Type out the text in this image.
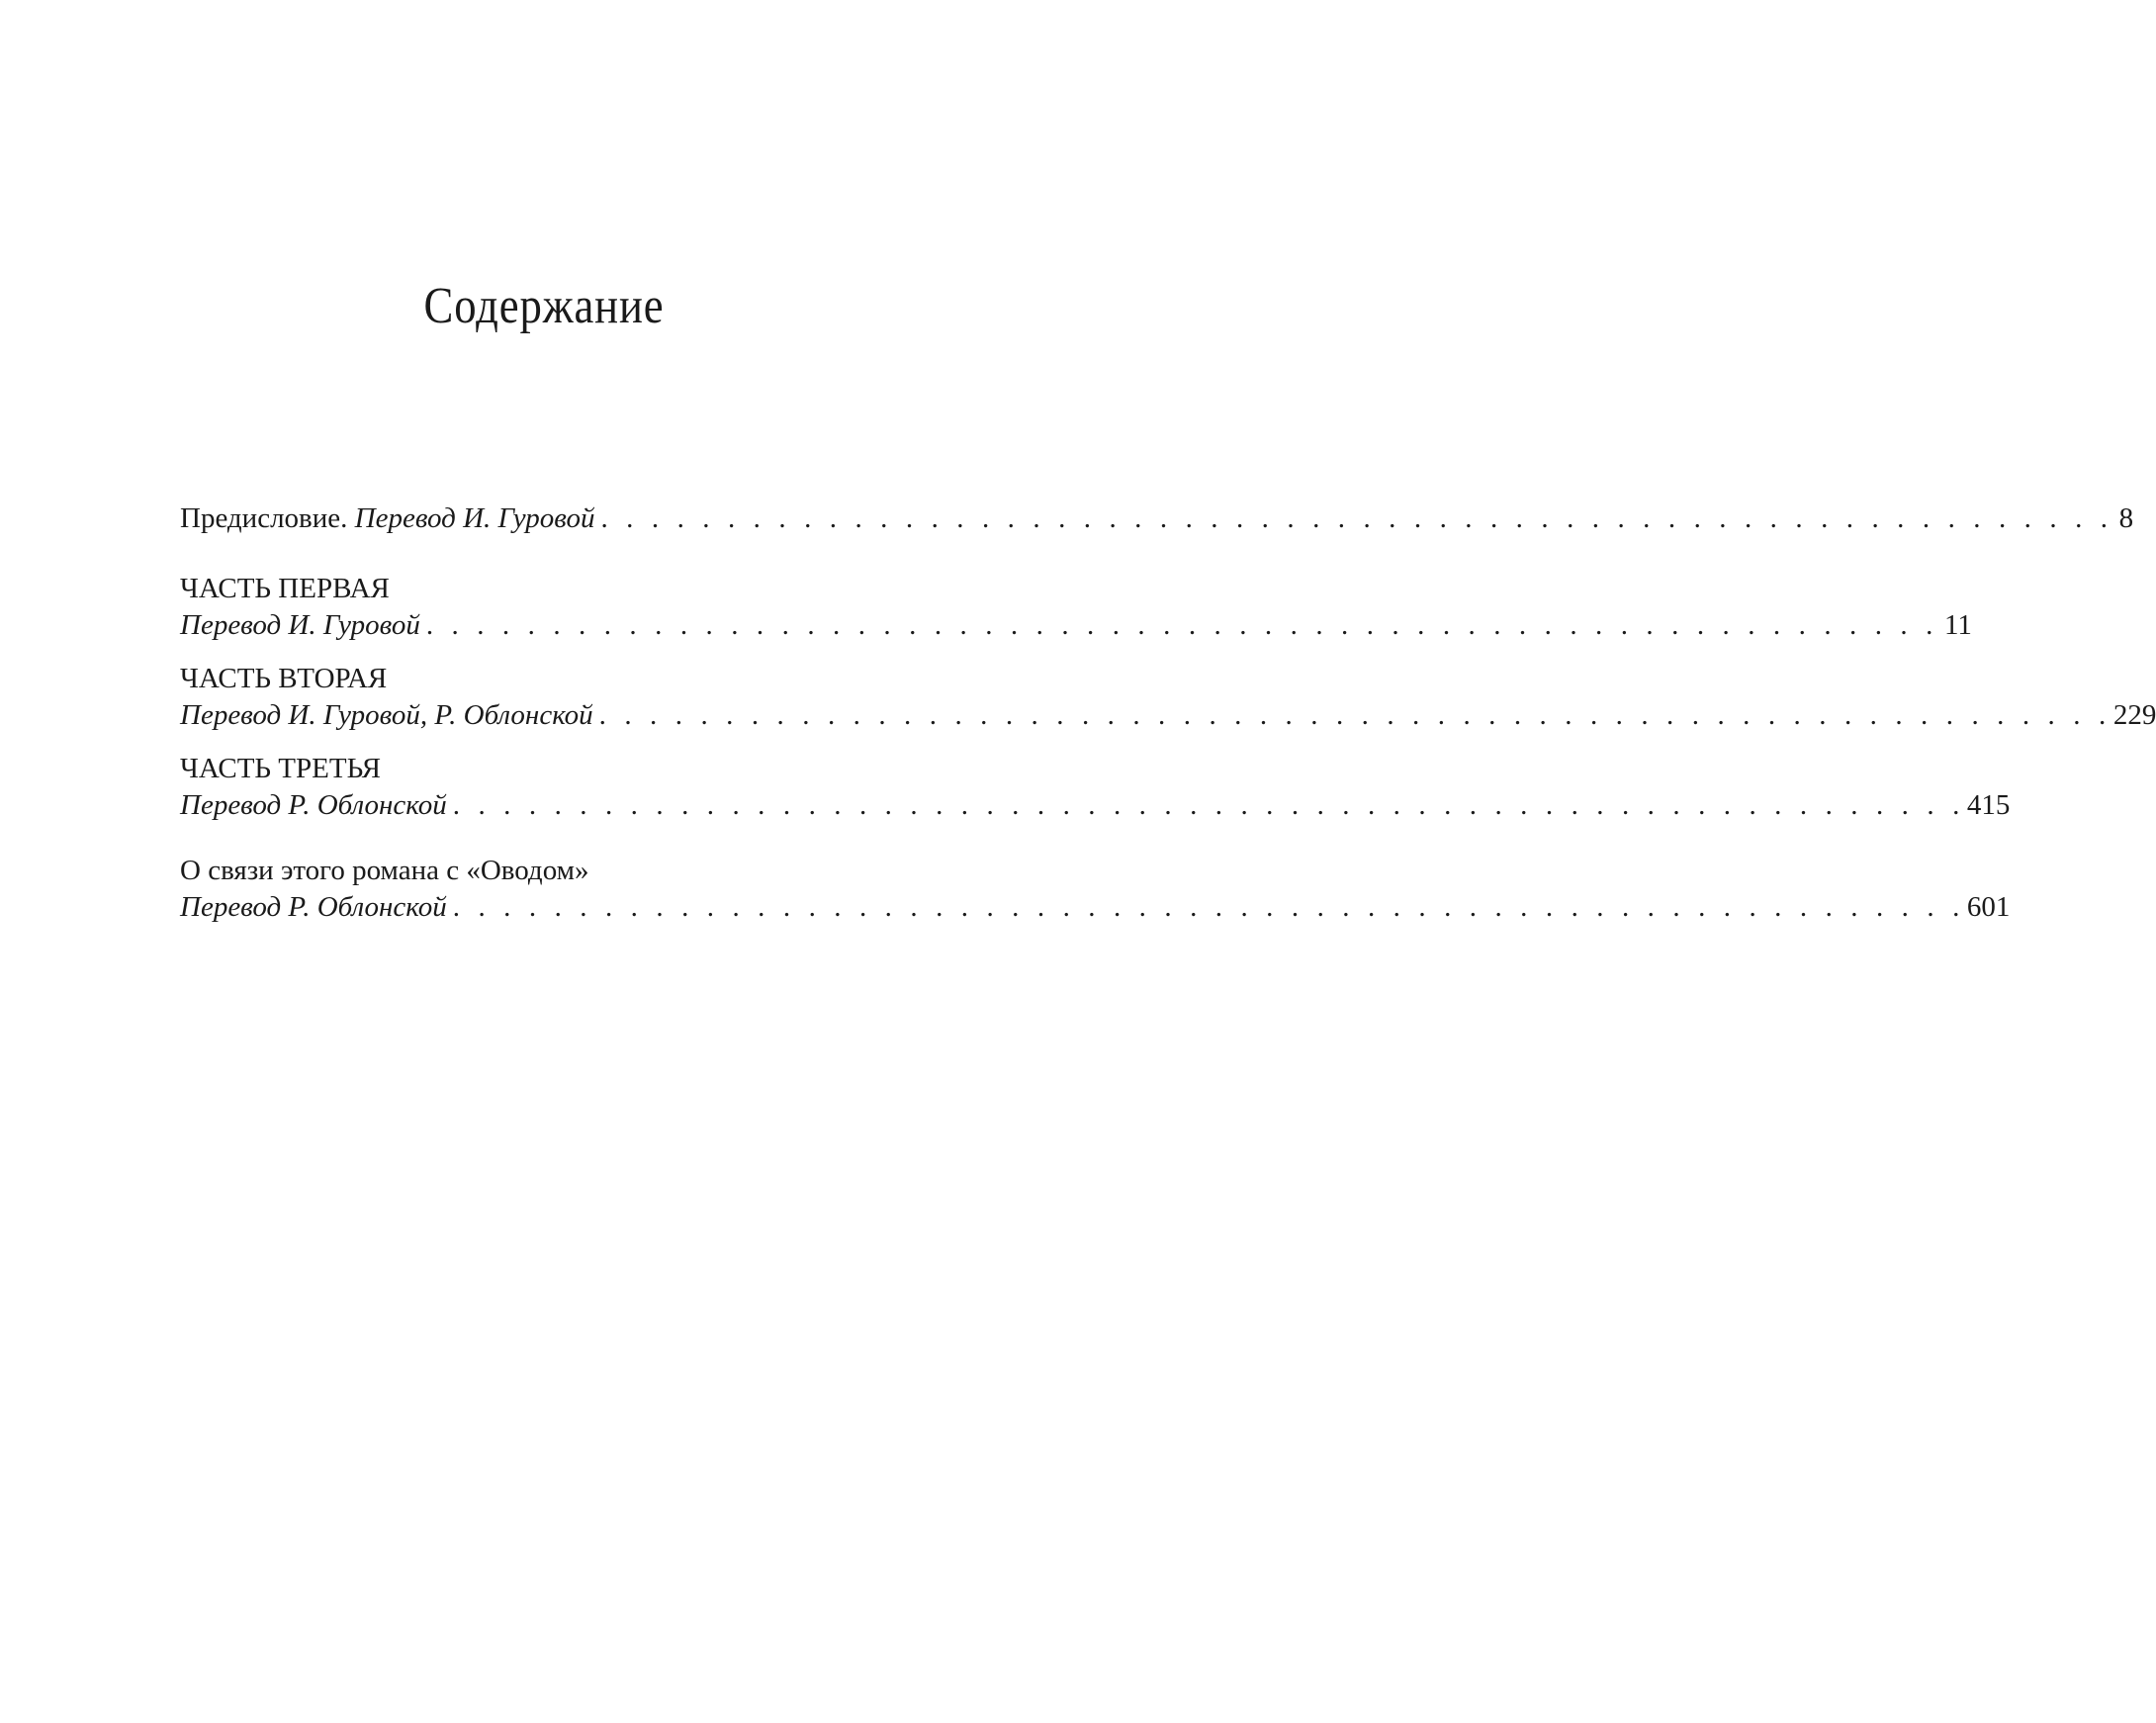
Содержание
Предисловие.
Перевод И. Гуровой . . . . . . . . . . . . . . . . . . . . . . . . . . . . . . . . . . . . . . . . . . . . . . . . . . . . . . . . . . . . 8
ЧАСТЬ ПЕРВАЯ
Перевод И. Гуровой . . . . . . . . . . . . . . . . . . . . . . . . . . . . . . . . . . . . . . . . . . . . . . . . . . . . . . . . . . . . 11
ЧАСТЬ ВТОРАЯ
Перевод И. Гуровой, Р. Облонской . . . . . . . . . . . . . . . . . . . . . . . . . . . . . . . . . . . . . . . . . . . . . . . . . . . . . . . . . . . . 229
ЧАСТЬ ТРЕТЬЯ
Перевод Р. Облонской . . . . . . . . . . . . . . . . . . . . . . . . . . . . . . . . . . . . . . . . . . . . . . . . . . . . . . . . . . . . 415
О связи этого романа с «Оводом»
Перевод Р. Облонской . . . . . . . . . . . . . . . . . . . . . . . . . . . . . . . . . . . . . . . . . . . . . . . . . . . . . . . . . . . . 601
